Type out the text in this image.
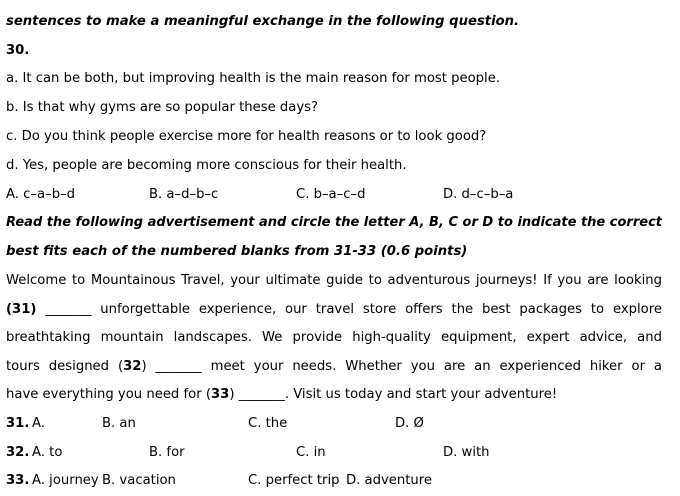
sentences to make a meaningful exchange in the following question.
30.
a. It can be both, but improving health is the main reason for most people.
b. Is that why gyms are so popular these days?
c. Do you think people exercise more for health reasons or to look good?
d. Yes, people are becoming more conscious for their health.
A. c–a–b–d	B. a–d–b–c	C. b–a–c–d	D. d–c–b–a
Read the following advertisement and circle the letter A, B, C or D to indicate the correct
best fits each of the numbered blanks from 31-33 (0.6 points)
Welcome to Mountainous Travel, your ultimate guide to adventurous journeys! If you are looking
(31) _______ unforgettable experience, our travel store offers the best packages to explore
breathtaking mountain landscapes. We provide high-quality equipment, expert advice, and
tours designed (32) _______ meet your needs. Whether you are an experienced hiker or a
have everything you need for (33) _______. Visit us today and start your adventure!
31. A.	B. an	C. the	D. Ø
32. A. to	B. for	C. in	D. with
33. A. journey B. vacation	C. perfect trip D. adventure
